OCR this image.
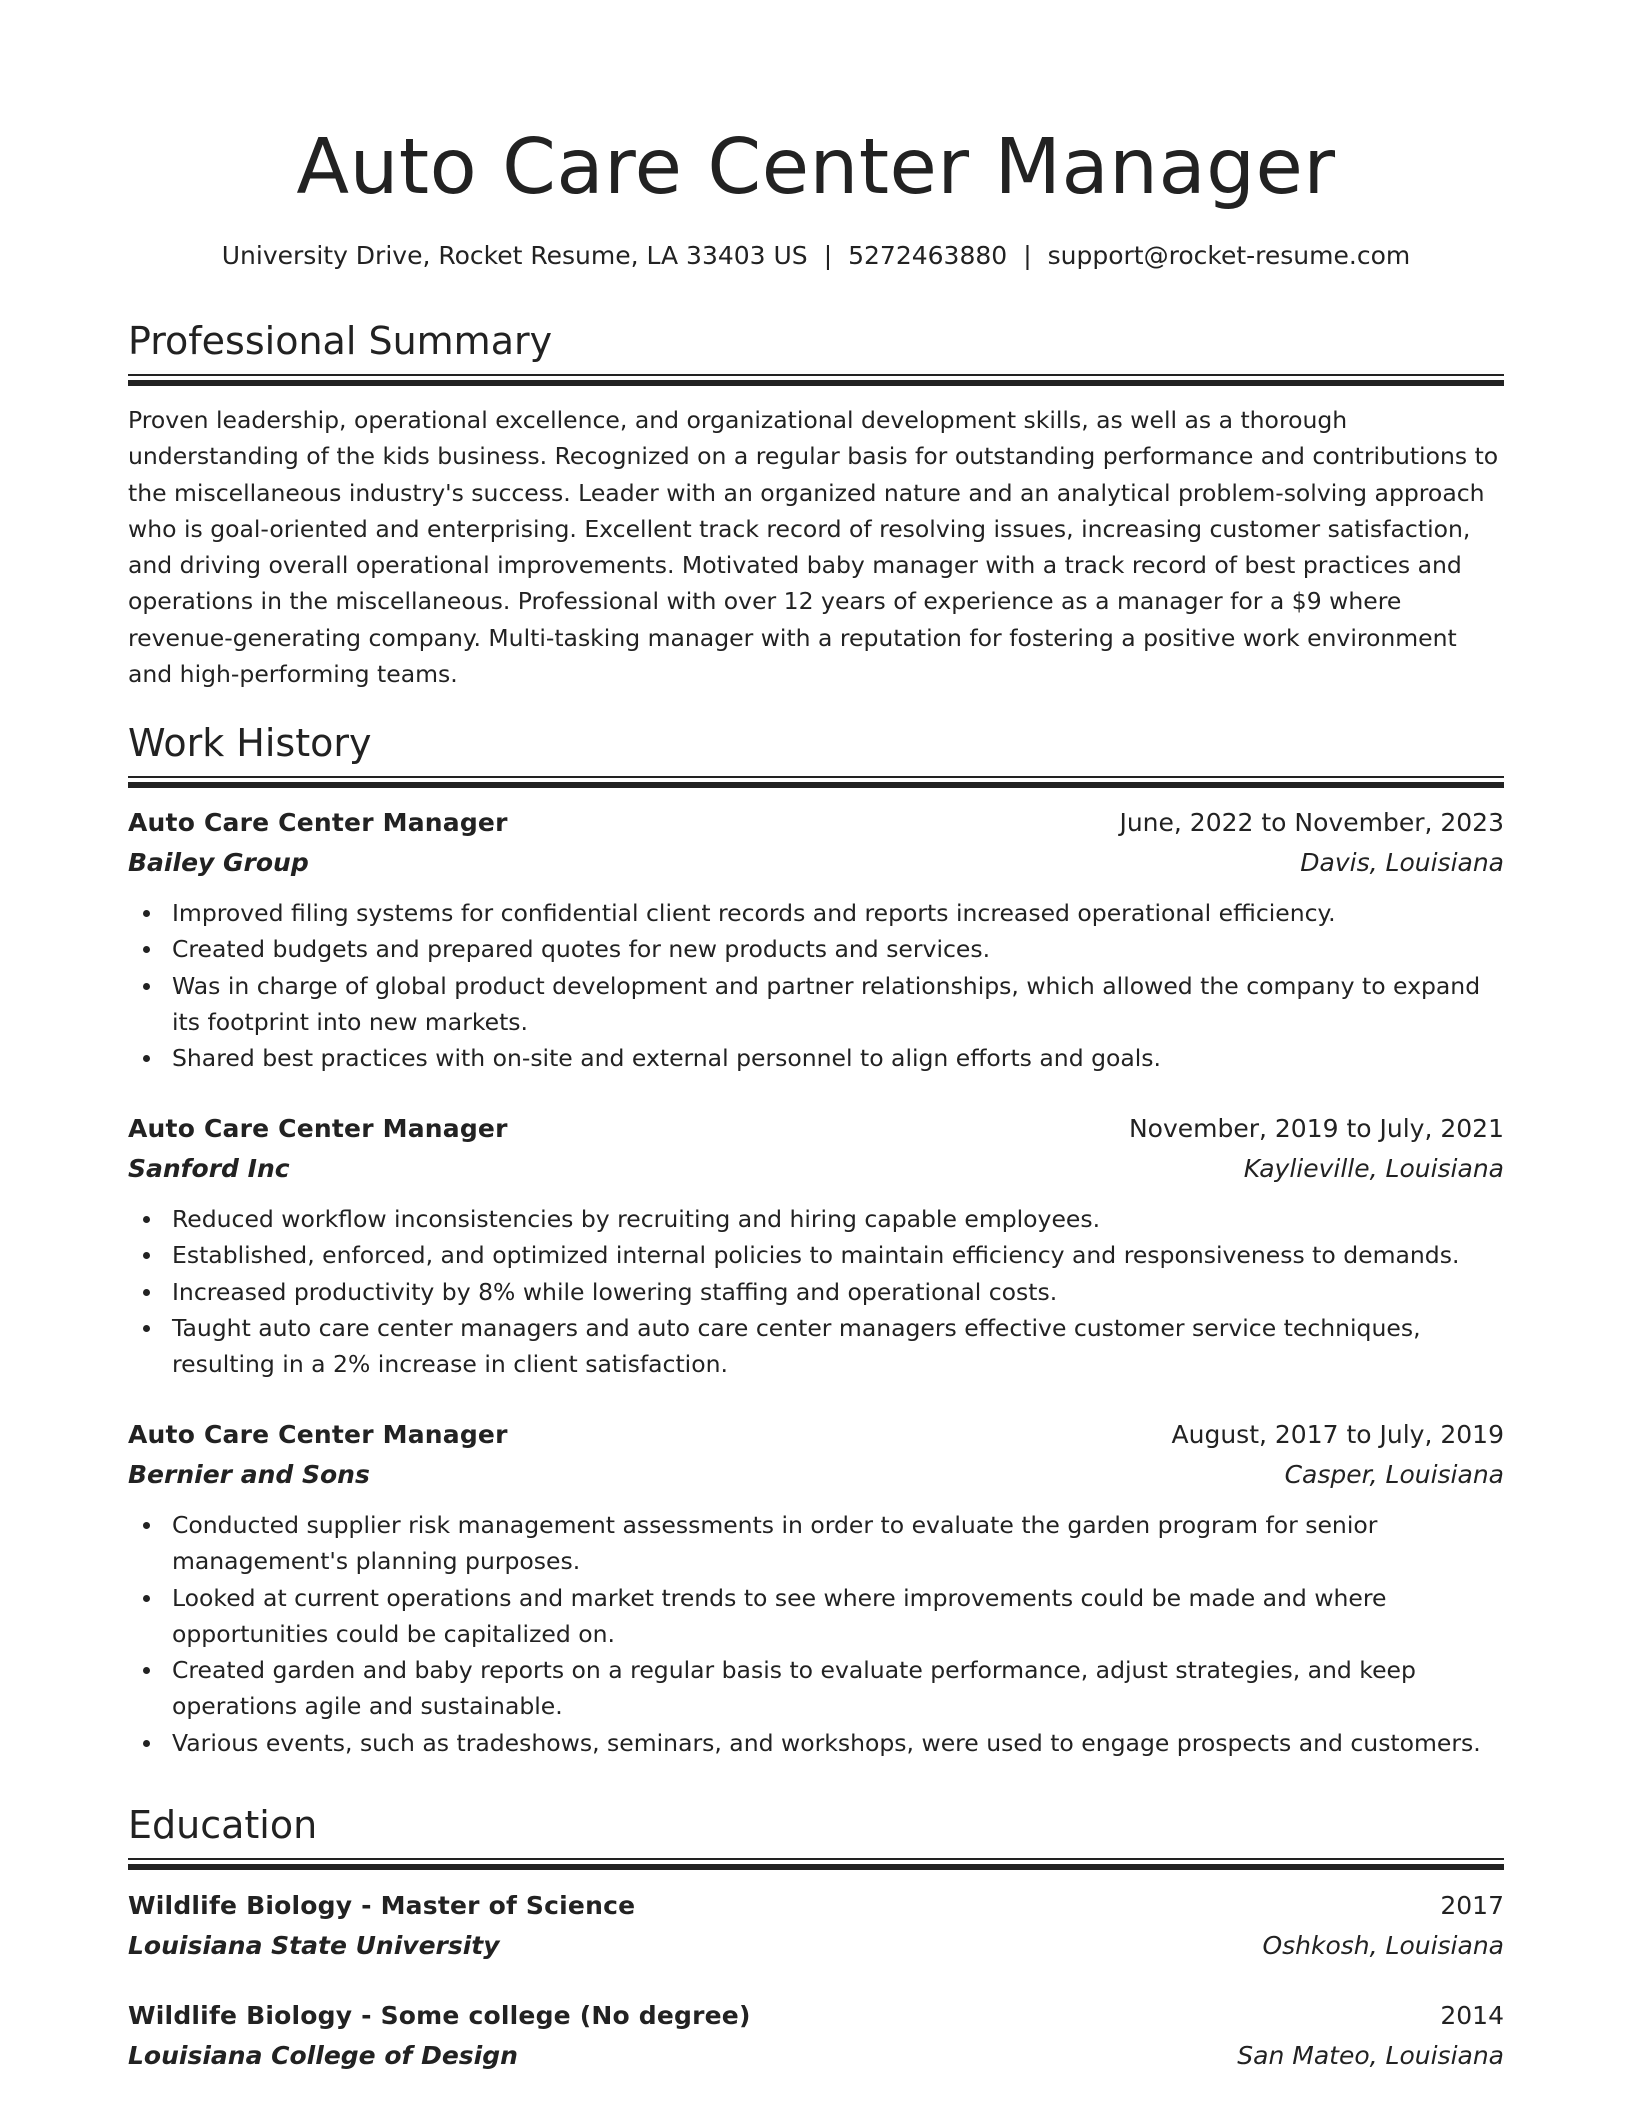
Auto Care Center Manager
University Drive, Rocket Resume, LA 33403 US | 5272463880 | support@rocket-resume.com
Professional Summary

Proven leadership, operational excellence, and organizational development skills, as well as a thorough understanding of the kids business. Recognized on a regular basis for outstanding performance and contributions to the miscellaneous industry's success. Leader with an organized nature and an analytical problem-solving approach who is goal-oriented and enterprising. Excellent track record of resolving issues, increasing customer satisfaction, and driving overall operational improvements. Motivated baby manager with a track record of best practices and operations in the miscellaneous. Professional with over 12 years of experience as a manager for a $9 where revenue-generating company. Multi-tasking manager with a reputation for fostering a positive work environment and high-performing teams.

Work History
Auto Care Center Manager	June, 2022 to November, 2023
Bailey Group	Davis, Louisiana
Improved filing systems for confidential client records and reports increased operational efficiency.
Created budgets and prepared quotes for new products and services.
Was in charge of global product development and partner relationships, which allowed the company to expand its footprint into new markets.
Shared best practices with on-site and external personnel to align efforts and goals.
Auto Care Center Manager	November, 2019 to July, 2021
Sanford Inc	Kaylieville, Louisiana
Reduced workflow inconsistencies by recruiting and hiring capable employees.
Established, enforced, and optimized internal policies to maintain efficiency and responsiveness to demands.
Increased productivity by 8% while lowering staffing and operational costs.
Taught auto care center managers and auto care center managers effective customer service techniques, resulting in a 2% increase in client satisfaction.
Auto Care Center Manager	August, 2017 to July, 2019
Bernier and Sons	Casper, Louisiana
Conducted supplier risk management assessments in order to evaluate the garden program for senior management's planning purposes.
Looked at current operations and market trends to see where improvements could be made and where opportunities could be capitalized on.
Created garden and baby reports on a regular basis to evaluate performance, adjust strategies, and keep operations agile and sustainable.
Various events, such as tradeshows, seminars, and workshops, were used to engage prospects and customers.
Education
Wildlife Biology - Master of Science	2017
Louisiana State University	Oshkosh, Louisiana
Wildlife Biology - Some college (No degree)	2014
Louisiana College of Design	San Mateo, Louisiana
